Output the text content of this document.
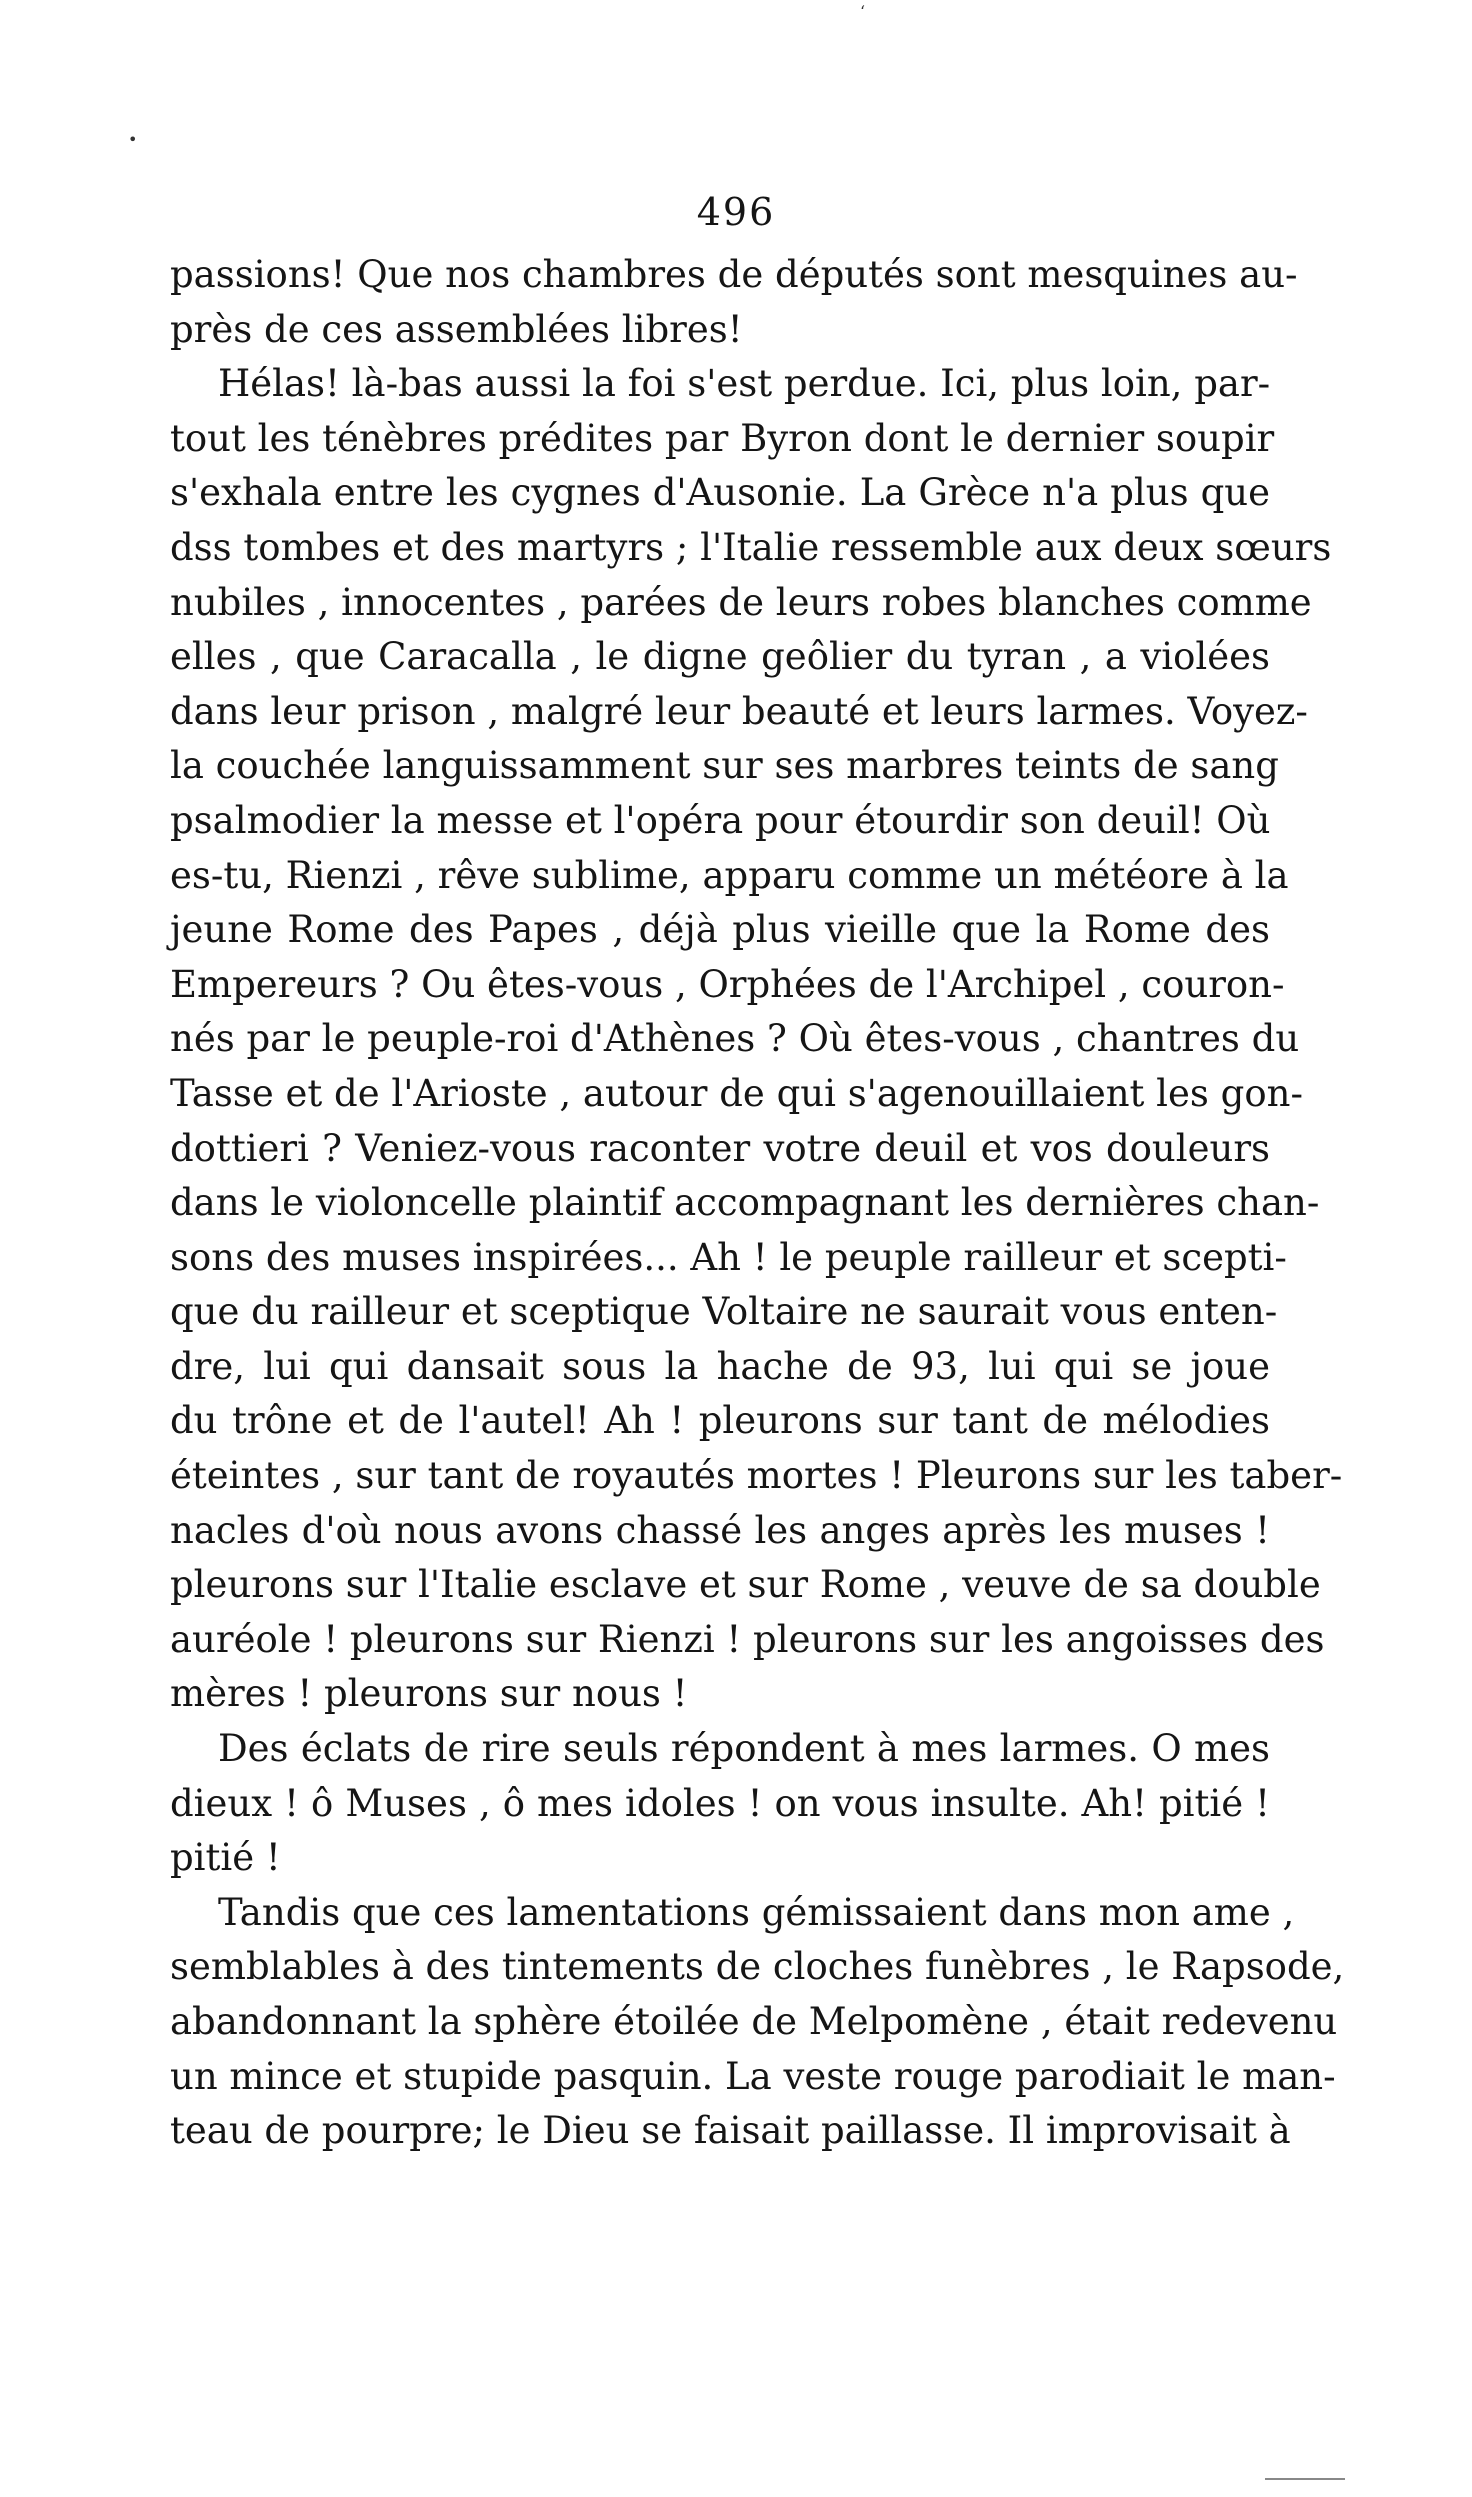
‘
•
496
passions! Que nos chambres de députés sont mesquines au-
près de ces assemblées libres!
Hélas! là-bas aussi la foi s'est perdue. Ici, plus loin, par-
tout les ténèbres prédites par Byron dont le dernier soupir
s'exhala entre les cygnes d'Ausonie. La Grèce n'a plus que
dss tombes et des martyrs ; l'Italie ressemble aux deux sœurs
nubiles , innocentes , parées de leurs robes blanches comme
elles , que Caracalla , le digne geôlier du tyran , a violées
dans leur prison , malgré leur beauté et leurs larmes. Voyez-
la couchée languissamment sur ses marbres teints de sang
psalmodier la messe et l'opéra pour étourdir son deuil! Où
es-tu, Rienzi , rêve sublime, apparu comme un météore à la
jeune Rome des Papes , déjà plus vieille que la Rome des
Empereurs ? Ou êtes-vous , Orphées de l'Archipel , couron-
nés par le peuple-roi d'Athènes ? Où êtes-vous , chantres du
Tasse et de l'Arioste , autour de qui s'agenouillaient les gon-
dottieri ? Veniez-vous raconter votre deuil et vos douleurs
dans le violoncelle plaintif accompagnant les dernières chan-
sons des muses inspirées... Ah ! le peuple railleur et scepti-
que du railleur et sceptique Voltaire ne saurait vous enten-
dre, lui qui dansait sous la hache de 93, lui qui se joue
du trône et de l'autel! Ah ! pleurons sur tant de mélodies
éteintes , sur tant de royautés mortes ! Pleurons sur les taber-
nacles d'où nous avons chassé les anges après les muses !
pleurons sur l'Italie esclave et sur Rome , veuve de sa double
auréole ! pleurons sur Rienzi ! pleurons sur les angoisses des
mères ! pleurons sur nous !
Des éclats de rire seuls répondent à mes larmes. O mes
dieux ! ô Muses , ô mes idoles ! on vous insulte. Ah! pitié !
pitié !
Tandis que ces lamentations gémissaient dans mon ame ,
semblables à des tintements de cloches funèbres , le Rapsode,
abandonnant la sphère étoilée de Melpomène , était redevenu
un mince et stupide pasquin. La veste rouge parodiait le man-
teau de pourpre; le Dieu se faisait paillasse. Il improvisait à
